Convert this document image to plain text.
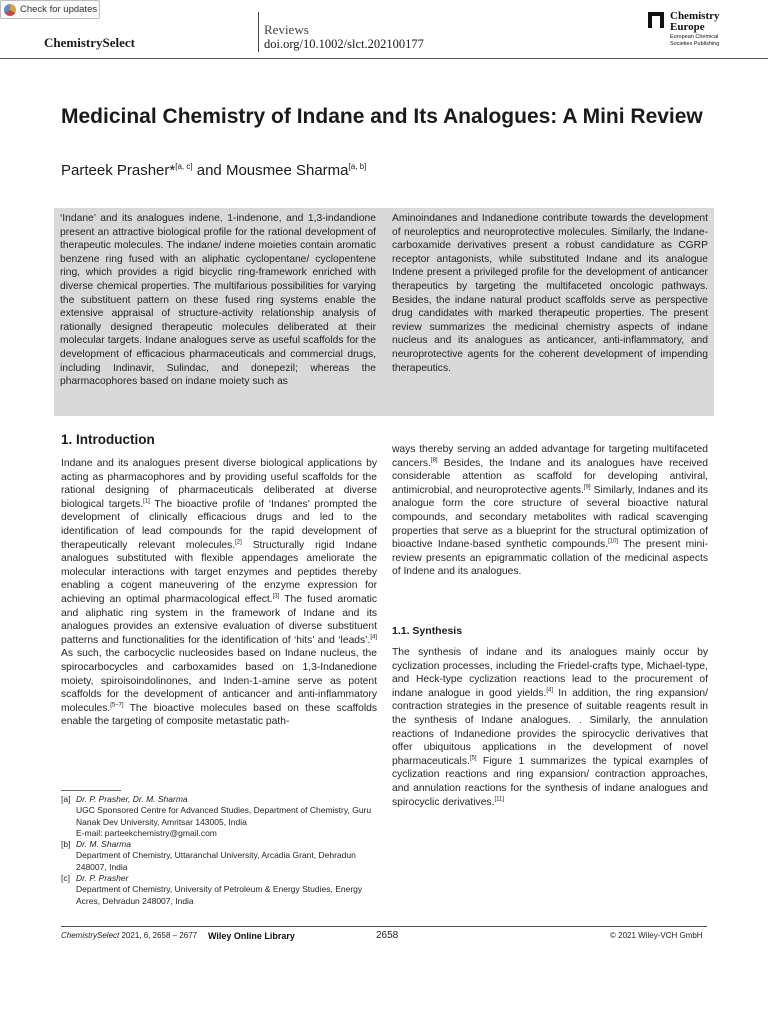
Check for updates
ChemistrySelect
Reviews
doi.org/10.1002/slct.202100177
Chemistry
Europe
European Chemical Societies Publishing
Medicinal Chemistry of Indane and Its Analogues: A Mini Review
Parteek Prasher*[a, c] and Mousmee Sharma[a, b]
‘Indane’ and its analogues indene, 1-indenone, and 1,3-indandione present an attractive biological profile for the rational development of therapeutic molecules. The indane/ indene moieties contain aromatic benzene ring fused with an aliphatic cyclopentane/ cyclopentene ring, which provides a rigid bicyclic ring-framework enriched with diverse chemical properties. The multifarious possibilities for varying the substituent pattern on these fused ring systems enable the extensive appraisal of structure-activity relationship analysis of rationally designed therapeutic molecules deliberated at their molecular targets. Indane analogues serve as useful scaffolds for the development of efficacious pharmaceuticals and commercial drugs, including Indinavir, Sulindac, and donepezil; whereas the pharmacophores based on indane moiety such as
Aminoindanes and Indanedione contribute towards the development of neuroleptics and neuroprotective molecules. Similarly, the Indane-carboxamide derivatives present a robust candidature as CGRP receptor antagonists, while substituted Indane and its analogue Indene present a privileged profile for the development of anticancer therapeutics by targeting the multifaceted oncologic pathways. Besides, the indane natural product scaffolds serve as perspective drug candidates with marked therapeutic properties. The present review summarizes the medicinal chemistry aspects of indane nucleus and its analogues as anticancer, anti-inflammatory, and neuroprotective agents for the coherent development of impending therapeutics.
1. Introduction
Indane and its analogues present diverse biological applications by acting as pharmacophores and by providing useful scaffolds for the rational designing of pharmaceuticals deliberated at diverse biological targets.[1] The bioactive profile of ‘Indanes’ prompted the development of clinically efficacious drugs and led to the identification of lead compounds for the rapid development of therapeutically relevant molecules.[2] Structurally rigid Indane analogues substituted with flexible appendages ameliorate the molecular interactions with target enzymes and peptides thereby enabling a cogent maneuvering of the enzyme expression for achieving an optimal pharmacological effect.[3] The fused aromatic and aliphatic ring system in the framework of Indane and its analogues provides an extensive evaluation of diverse substituent patterns and functionalities for the identification of ‘hits’ and ‘leads’.[4] As such, the carbocyclic nucleosides based on Indane nucleus, the spirocarbocycles and carboxamides based on 1,3-Indanedione moiety, spiroisoindolinones, and Inden-1-amine serve as potent scaffolds for the development of anticancer and anti-inflammatory molecules.[5–7] The bioactive molecules based on these scaffolds enable the targeting of composite metastatic path-
ways thereby serving an added advantage for targeting multifaceted cancers.[8] Besides, the Indane and its analogues have received considerable attention as scaffold for developing antiviral, antimicrobial, and neuroprotective agents.[9] Similarly, Indanes and its analogue form the core structure of several bioactive natural compounds, and secondary metabolites with radical scavenging properties that serve as a blueprint for the structural optimization of bioactive Indane-based synthetic compounds.[10] The present mini-review presents an epigrammatic collation of the medicinal aspects of Indene and its analogues.
1.1. Synthesis
The synthesis of indane and its analogues mainly occur by cyclization processes, including the Friedel-crafts type, Michael-type, and Heck-type cyclization reactions lead to the procurement of indane analogue in good yields.[4] In addition, the ring expansion/ contraction strategies in the presence of suitable reagents result in the synthesis of Indane analogues. . Similarly, the annulation reactions of Indanedione provides the spirocyclic derivatives that offer ubiquitous applications in the development of novel pharmaceuticals.[5] Figure 1 summarizes the typical examples of cyclization reactions and ring expansion/ contraction approaches, and annulation reactions for the synthesis of indane analogues and spirocyclic derivatives.[11]
[a] Dr. P. Prasher, Dr. M. Sharma
UGC Sponsored Centre for Advanced Studies, Department of Chemistry, Guru Nanak Dev University, Amritsar 143005, India
E-mail: parteekchemistry@gmail.com
[b] Dr. M. Sharma
Department of Chemistry, Uttaranchal University, Arcadia Grant, Dehradun 248007, India
[c] Dr. P. Prasher
Department of Chemistry, University of Petroleum & Energy Studies, Energy Acres, Dehradun 248007, India
ChemistrySelect 2021, 6, 2658 – 2677 Wiley Online Library	2658	© 2021 Wiley-VCH GmbH
